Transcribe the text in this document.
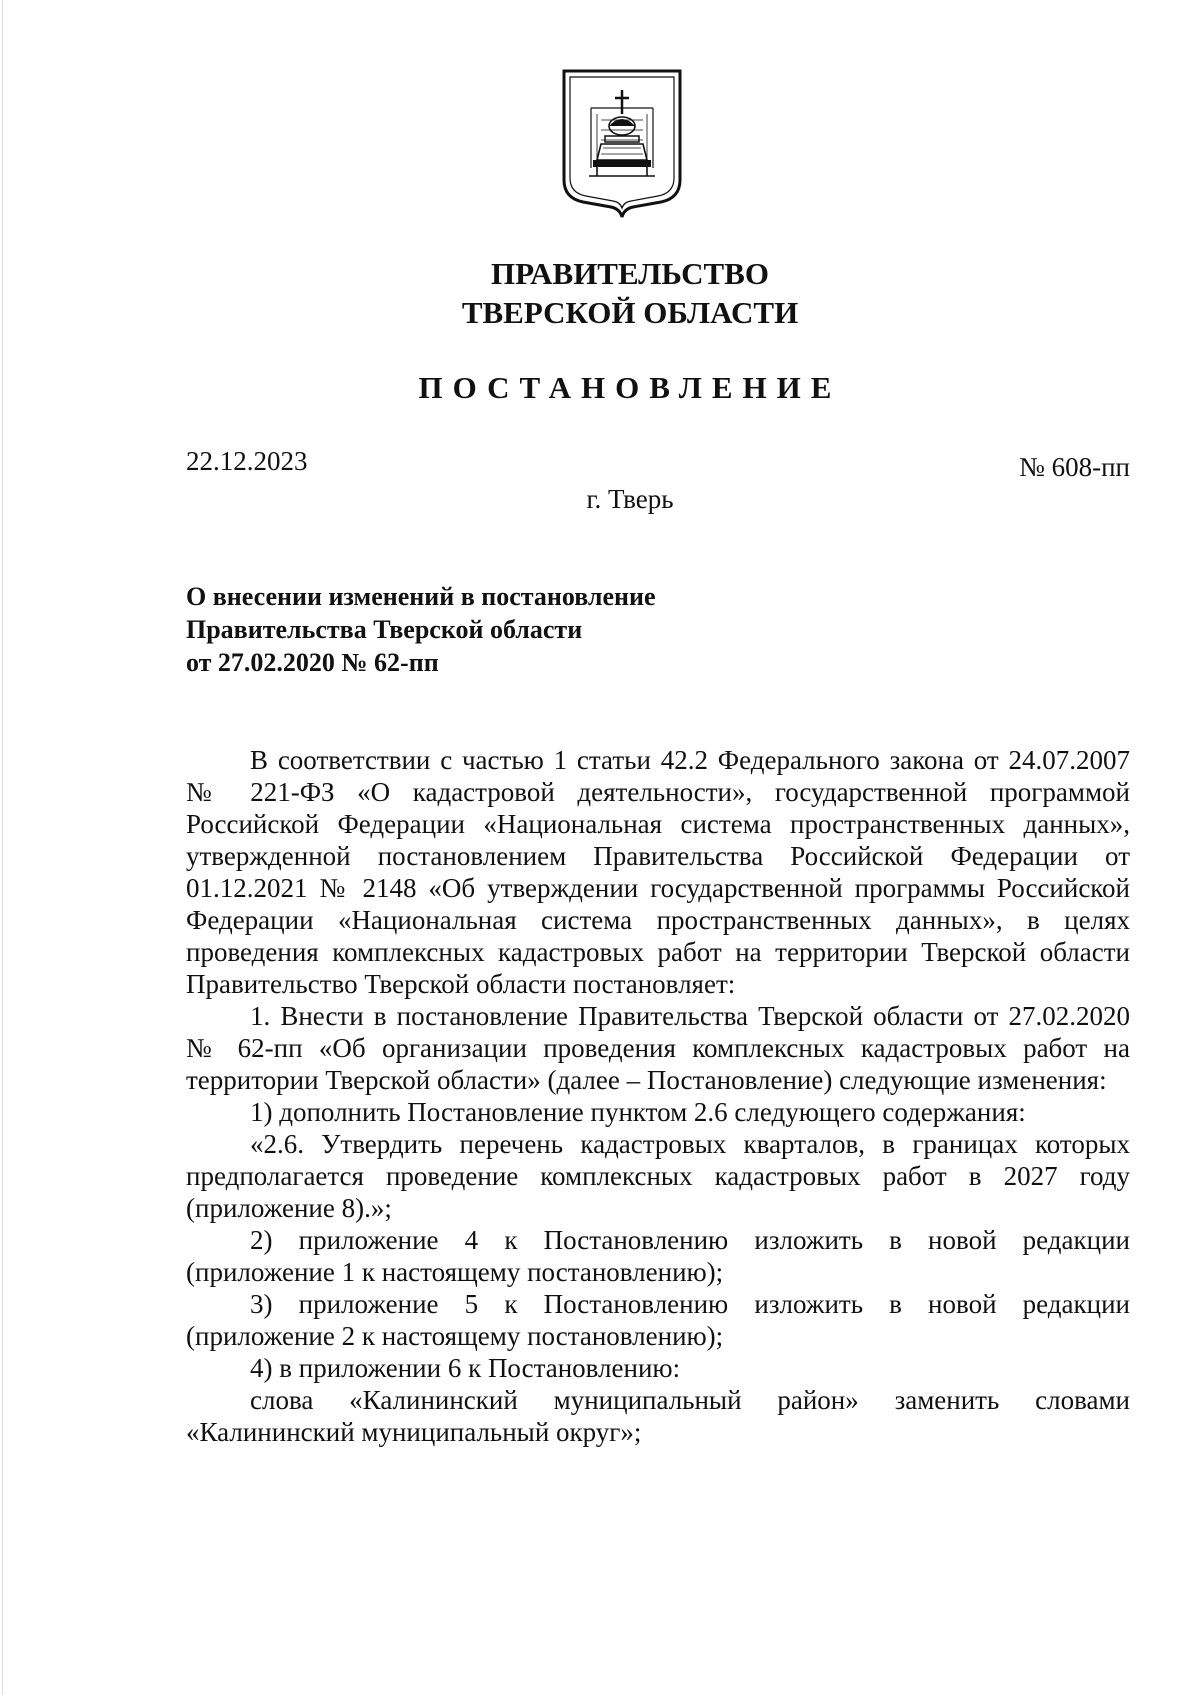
ПРАВИТЕЛЬСТВО
ТВЕРСКОЙ ОБЛАСТИ
ПОСТАНОВЛЕНИЕ
22.12.2023	№ 608-пп
г. Тверь
О внесении изменений в постановление
Правительства Тверской области
от 27.02.2020 № 62-пп

В соответствии с частью 1 статьи 42.2 Федерального закона от 24.07.2007 № 221-ФЗ «О кадастровой деятельности», государственной программой Российской Федерации «Национальная система пространственных данных», утвержденной постановлением Правительства Российской Федерации от 01.12.2021 № 2148 «Об утверждении государственной программы Российской Федерации «Национальная система пространственных данных», в целях проведения комплексных кадастровых работ на территории Тверской области Правительство Тверской области постановляет:

1. Внести в постановление Правительства Тверской области от 27.02.2020 № 62-пп «Об организации проведения комплексных кадастровых работ на территории Тверской области» (далее – Постановление) следующие изменения:

1) дополнить Постановление пунктом 2.6 следующего содержания:

«2.6. Утвердить перечень кадастровых кварталов, в границах которых предполагается проведение комплексных кадастровых работ в 2027 году (приложение 8).»;

2) приложение 4 к Постановлению изложить в новой редакции (приложение 1 к настоящему постановлению);

3) приложение 5 к Постановлению изложить в новой редакции (приложение 2 к настоящему постановлению);

4) в приложении 6 к Постановлению:

слова «Калининский муниципальный район» заменить словами «Калининский муниципальный округ»;
